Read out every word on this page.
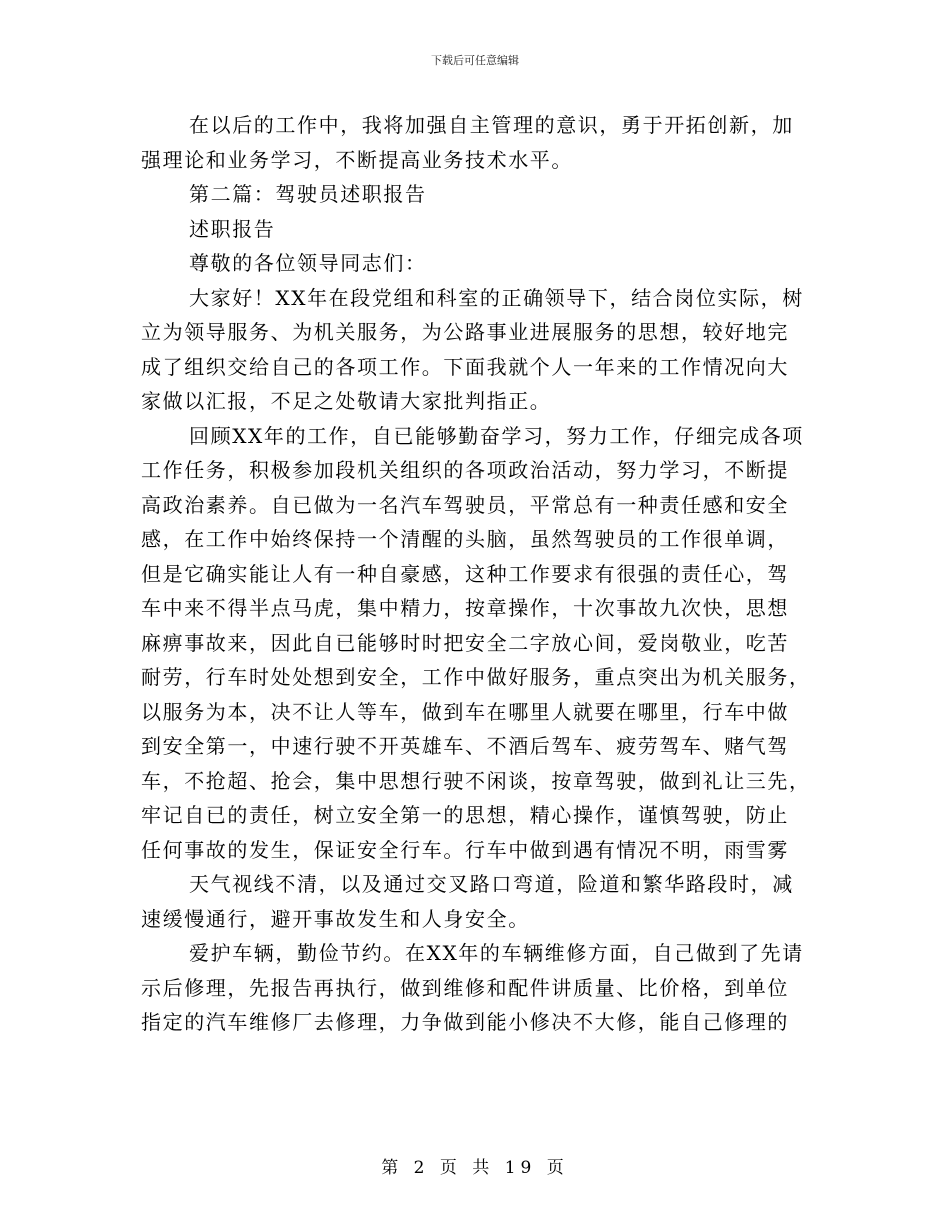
下载后可任意编辑
在以后的工作中，我将加强自主管理的意识，勇于开拓创新，加
强理论和业务学习，不断提高业务技术水平。
第二篇：驾驶员述职报告
述职报告
尊敬的各位领导同志们：
大家好！XX年在段党组和科室的正确领导下，结合岗位实际，树
立为领导服务、为机关服务，为公路事业进展服务的思想，较好地完
成了组织交给自己的各项工作。下面我就个人一年来的工作情况向大
家做以汇报，不足之处敬请大家批判指正。
回顾XX年的工作，自已能够勤奋学习，努力工作，仔细完成各项
工作任务，积极参加段机关组织的各项政治活动，努力学习，不断提
高政治素养。自已做为一名汽车驾驶员，平常总有一种责任感和安全
感，在工作中始终保持一个清醒的头脑，虽然驾驶员的工作很单调，
但是它确实能让人有一种自豪感，这种工作要求有很强的责任心，驾
车中来不得半点马虎，集中精力，按章操作，十次事故九次快，思想
麻痹事故来，因此自已能够时时把安全二字放心间，爱岗敬业，吃苦
耐劳，行车时处处想到安全，工作中做好服务，重点突出为机关服务，
以服务为本，决不让人等车，做到车在哪里人就要在哪里，行车中做
到安全第一，中速行驶不开英雄车、不酒后驾车、疲劳驾车、赌气驾
车，不抢超、抢会，集中思想行驶不闲谈，按章驾驶，做到礼让三先，
牢记自已的责任，树立安全第一的思想，精心操作，谨慎驾驶，防止
任何事故的发生，保证安全行车。行车中做到遇有情况不明，雨雪雾
天气视线不清，以及通过交叉路口弯道，险道和繁华路段时，减
速缓慢通行，避开事故发生和人身安全。
爱护车辆，勤俭节约。在XX年的车辆维修方面，自己做到了先请
示后修理，先报告再执行，做到维修和配件讲质量、比价格，到单位
指定的汽车维修厂去修理，力争做到能小修决不大修，能自己修理的
第 2 页 共 19 页
